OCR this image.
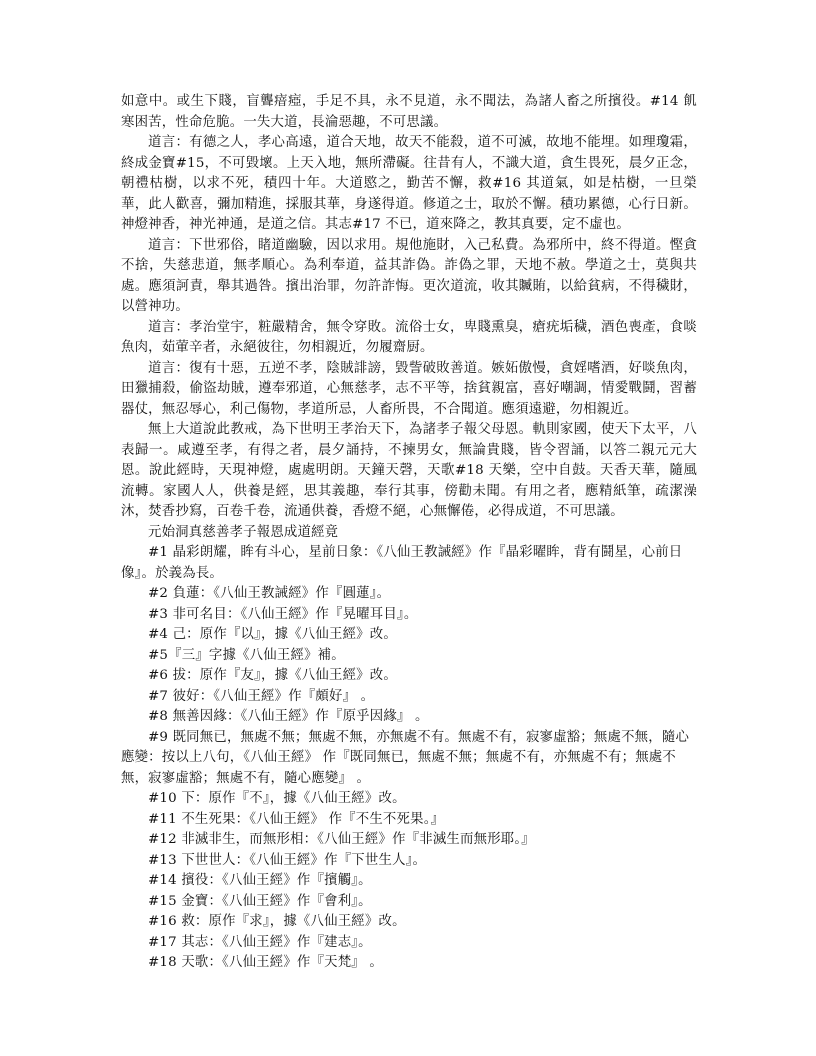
如意中。或生下賤，盲聾瘖瘂，手足不具，永不見道，永不聞法，為諸人畜之所擯役。#14 飢寒困苦，性命危脆。一失大道，長淪惡趣，不可思議。

道言：有德之人，孝心高遠，道合天地，故天不能殺，道不可滅，故地不能埋。如理瓊霜，終成金寶#15，不可毀壞。上天入地，無所滯礙。往昔有人，不識大道，貪生畏死，晨夕正念，朝禮枯樹，以求不死，積四十年。大道愍之，勤苦不懈，救#16 其道氣，如是枯樹，一旦榮華，此人歡喜，彌加精進，採服其華，身遂得道。修道之士，取於不懈。積功累德，心行日新。神燈神香，神光神通，是道之信。其志#17 不已，道來降之，教其真要，定不虛也。

道言：下世邪俗，睹道幽驗，因以求用。規他施財，入己私費。為邪所中，終不得道。慳貪不捨，失慈悲道，無孝順心。為利奉道，益其詐偽。詐偽之罪，天地不赦。學道之士，莫與共處。應須訶責，舉其過咎。擯出治罪，勿許詐悔。更次道流，收其贓賄，以給貧病，不得穢財，以營神功。

道言：孝治堂宇，粧嚴精舍，無令穿敗。流俗士女，卑賤熏臭，瘡疣垢穢，酒色喪產，食啖魚肉，茹葷辛者，永絕彼往，勿相親近，勿履齋厨。

道言：復有十惡，五逆不孝，陰賊誹謗，毀訾破敗善道。嫉妬傲慢，貪婬嗜酒，好啖魚肉，田獵捕殺，偷盜劫賊，遵奉邪道，心無慈孝，志不平等，捨貧親富，喜好嘲調，情愛戰鬪，習蓄器仗，無忍辱心，利己傷物，孝道所忌，人畜所畏，不合聞道。應須遠避，勿相親近。

無上大道說此教戒，為下世明王孝治天下，為諸孝子報父母恩。軌則家國，使天下太平，八表歸一。咸遵至孝，有得之者，晨夕誦持，不揀男女，無論貴賤，皆令習誦，以答二親元元大恩。說此經時，天現神燈，處處明朗。天鐘天磬，天歌#18 天樂，空中自鼓。天香天華，隨風流轉。家國人人，供養是經，思其義趣，奉行其事，傍勸未聞。有用之者，應精紙筆，疏潔澡沐，焚香抄寫，百卷千卷，流通供養，香燈不絕，心無懈倦，必得成道，不可思議。

元始洞真慈善孝子報恩成道經竟

#1 晶彩朗耀，眸有斗心，星前日象：《八仙王教誡經》作『晶彩曜眸，背有鬪星，心前日像』。於義為長。

#2 負蓮：《八仙王教誡經》作『圓蓮』。

#3 非可名目：《八仙王經》作『晃曜耳目』。

#4 己：原作『以』，據《八仙王經》改。

#5『三』字據《八仙王經》補。

#6 拔：原作『友』，據《八仙王經》改。

#7 彼好：《八仙王經》作『頗好』 。

#8 無善因緣：《八仙王經》作『原乎因緣』 。

#9 既同無已，無處不無；無處不無，亦無處不有。無處不有，寂寥虛豁；無處不無，隨心應變：按以上八句，《八仙王經》 作『既同無已，無處不無；無處不有，亦無處不有；無處不無，寂寥虛豁；無處不有，隨心應變』 。

#10 下：原作『不』，據《八仙王經》改。

#11 不生死果：《八仙王經》 作『不生不死果。』

#12 非滅非生，而無形相：《八仙王經》作『非滅生而無形耶。』

#13 下世世人：《八仙王經》作『下世生人』。

#14 擯役：《八仙王經》作『擯觸』。

#15 金寶：《八仙王經》作『會利』。

#16 救：原作『求』，據《八仙王經》改。

#17 其志：《八仙王經》作『建志』。

#18 天歌：《八仙王經》作『天梵』 。
